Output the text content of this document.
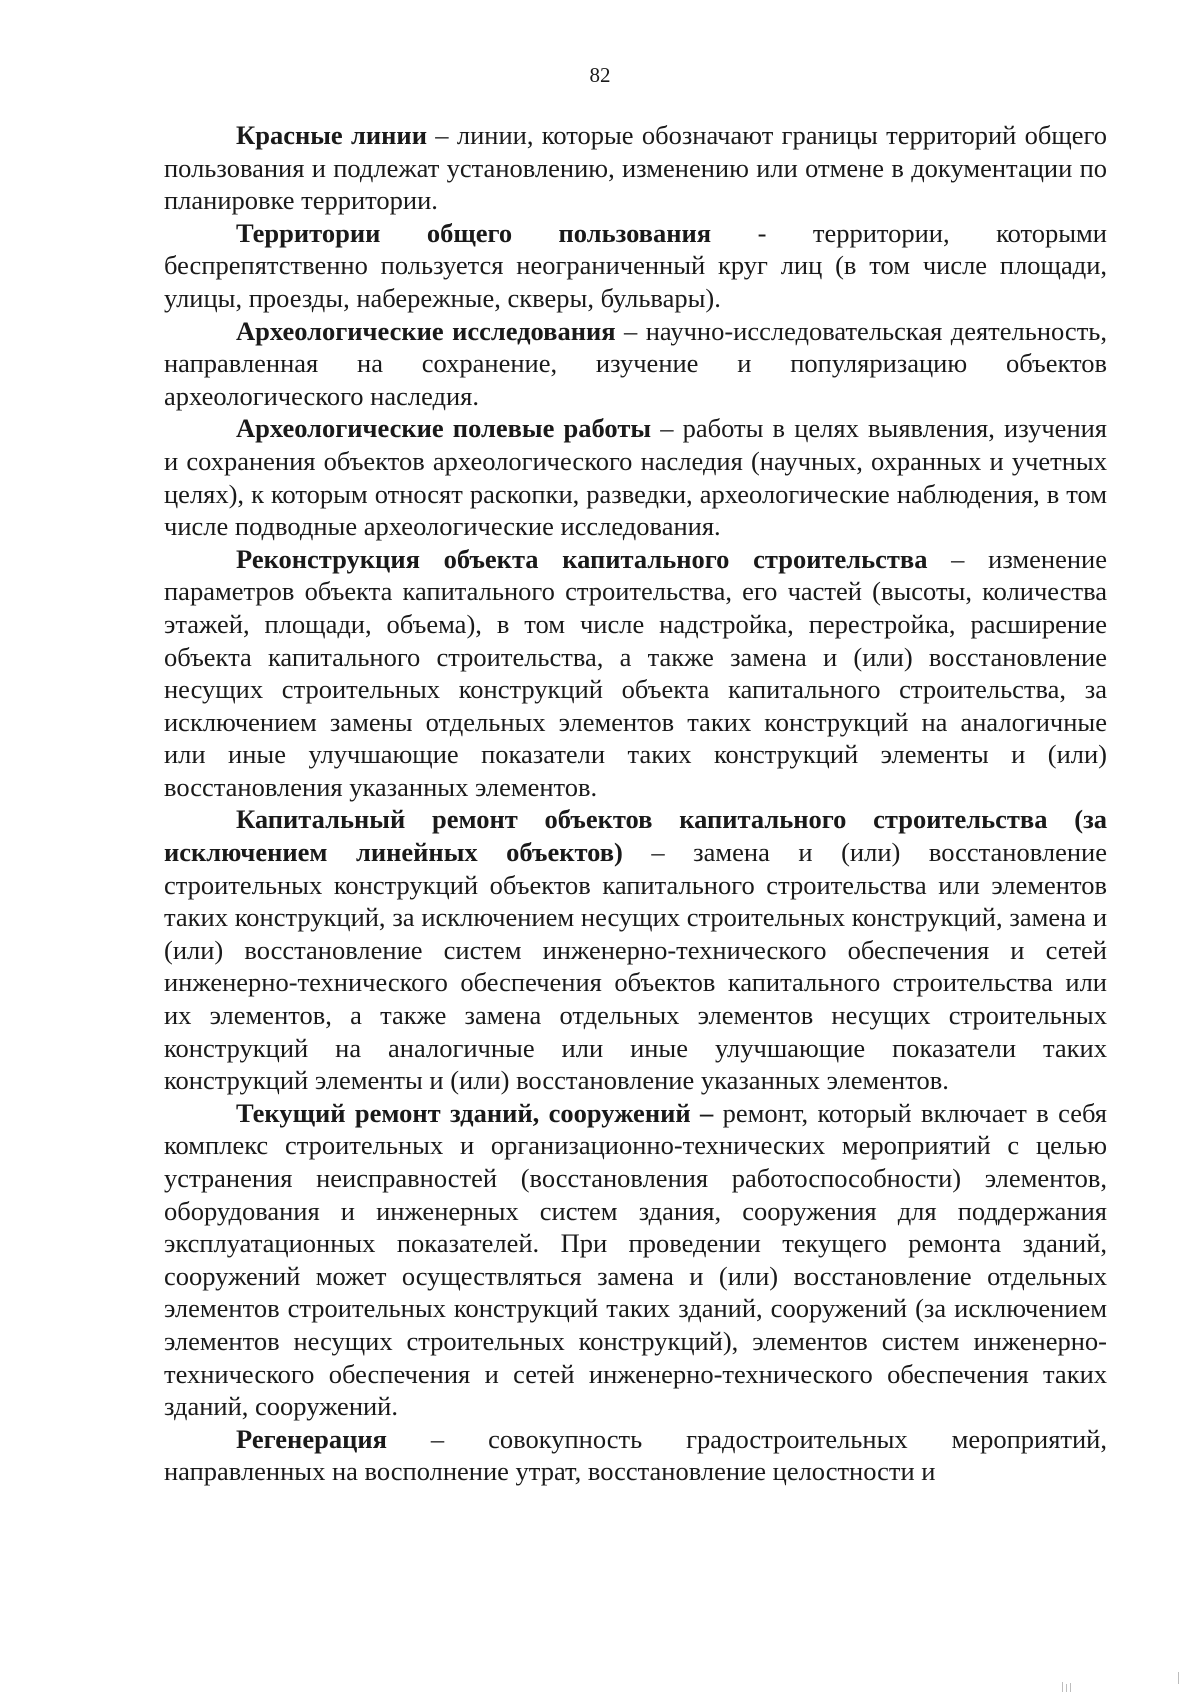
82

Красные линии – линии, которые обозначают границы территорий общего пользования и подлежат установлению, изменению или отмене в документации по планировке территории.

Территории общего пользования - территории, которыми беспрепятственно пользуется неограниченный круг лиц (в том числе площади, улицы, проезды, набережные, скверы, бульвары).

Археологические исследования – научно-исследовательская деятельность, направленная на сохранение, изучение и популяризацию объектов археологического наследия.

Археологические полевые работы – работы в целях выявления, изучения и сохранения объектов археологического наследия (научных, охранных и учетных целях), к которым относят раскопки, разведки, археологические наблюдения, в том числе подводные археологические исследования.

Реконструкция объекта капитального строительства – изменение параметров объекта капитального строительства, его частей (высоты, количества этажей, площади, объема), в том числе надстройка, перестройка, расширение объекта капитального строительства, а также замена и (или) восстановление несущих строительных конструкций объекта капитального строительства, за исключением замены отдельных элементов таких конструкций на аналогичные или иные улучшающие показатели таких конструкций элементы и (или) восстановления указанных элементов.

Капитальный ремонт объектов капитального строительства (за исключением линейных объектов) – замена и (или) восстановление строительных конструкций объектов капитального строительства или элементов таких конструкций, за исключением несущих строительных конструкций, замена и (или) восстановление систем инженерно-технического обеспечения и сетей инженерно-технического обеспечения объектов капитального строительства или их элементов, а также замена отдельных элементов несущих строительных конструкций на аналогичные или иные улучшающие показатели таких конструкций элементы и (или) восстановление указанных элементов.

Текущий ремонт зданий, сооружений – ремонт, который включает в себя комплекс строительных и организационно-технических мероприятий с целью устранения неисправностей (восстановления работоспособности) элементов, оборудования и инженерных систем здания, сооружения для поддержания эксплуатационных показателей. При проведении текущего ремонта зданий, сооружений может осуществляться замена и (или) восстановление отдельных элементов строительных конструкций таких зданий, сооружений (за исключением элементов несущих строительных конструкций), элементов систем инженерно-технического обеспечения и сетей инженерно-технического обеспечения таких зданий, сооружений.

Регенерация – совокупность градостроительных мероприятий, направленных на восполнение утрат, восстановление целостности и
